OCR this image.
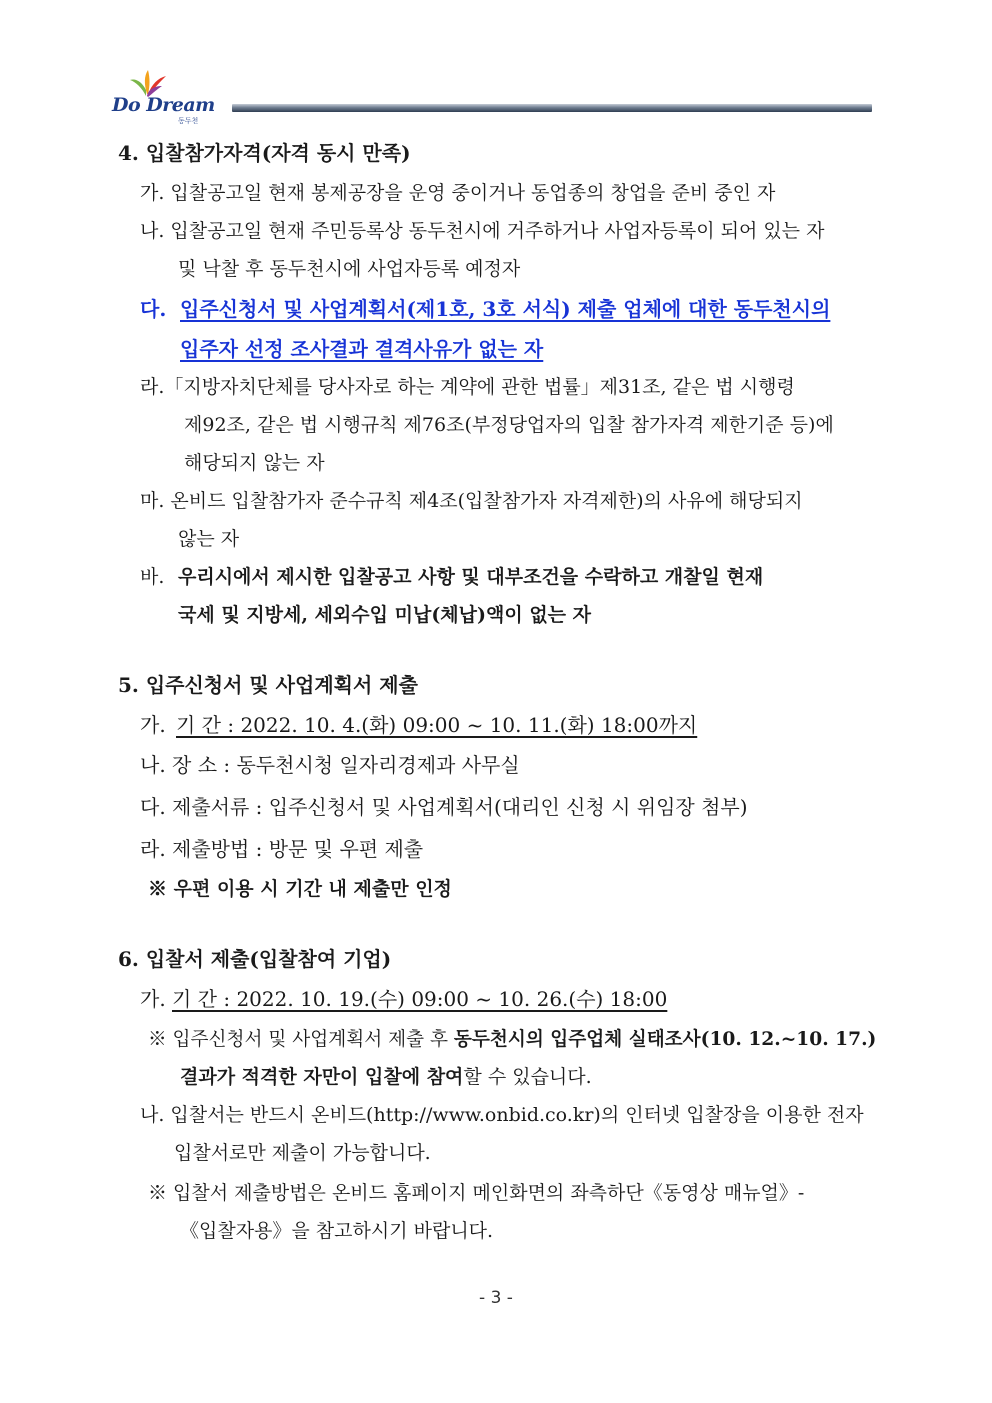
Do Dream
동두천
4. 입찰참가자격(자격 동시 만족)
가. 입찰공고일 현재 봉제공장을 운영 중이거나 동업종의 창업을 준비 중인 자
나. 입찰공고일 현재 주민등록상 동두천시에 거주하거나 사업자등록이 되어 있는 자
및 낙찰 후 동두천시에 사업자등록 예정자
다. 입주신청서 및 사업계획서(제1호, 3호 서식) 제출 업체에 대한 동두천시의
입주자 선정 조사결과 결격사유가 없는 자
라.「지방자치단체를 당사자로 하는 계약에 관한 법률」제31조, 같은 법 시행령
제92조, 같은 법 시행규칙 제76조(부정당업자의 입찰 참가자격 제한기준 등)에
해당되지 않는 자
마. 온비드 입찰참가자 준수규칙 제4조(입찰참가자 자격제한)의 사유에 해당되지
않는 자
바. 우리시에서 제시한 입찰공고 사항 및 대부조건을 수락하고 개찰일 현재
국세 및 지방세, 세외수입 미납(체납)액이 없는 자
5. 입주신청서 및 사업계획서 제출
가. 기 간 : 2022. 10. 4.(화) 09:00 ~ 10. 11.(화) 18:00까지
나. 장 소 : 동두천시청 일자리경제과 사무실
다. 제출서류 : 입주신청서 및 사업계획서(대리인 신청 시 위임장 첨부)
라. 제출방법 : 방문 및 우편 제출
※ 우편 이용 시 기간 내 제출만 인정
6. 입찰서 제출(입찰참여 기업)
가. 기 간 : 2022. 10. 19.(수) 09:00 ~ 10. 26.(수) 18:00
※ 입주신청서 및 사업계획서 제출 후 동두천시의 입주업체 실태조사(10. 12.~10. 17.)
결과가 적격한 자만이 입찰에 참여할 수 있습니다.
나. 입찰서는 반드시 온비드(http://www.onbid.co.kr)의 인터넷 입찰장을 이용한 전자
입찰서로만 제출이 가능합니다.
※ 입찰서 제출방법은 온비드 홈페이지 메인화면의 좌측하단《동영상 매뉴얼》-
《입찰자용》을 참고하시기 바랍니다.
- 3 -
